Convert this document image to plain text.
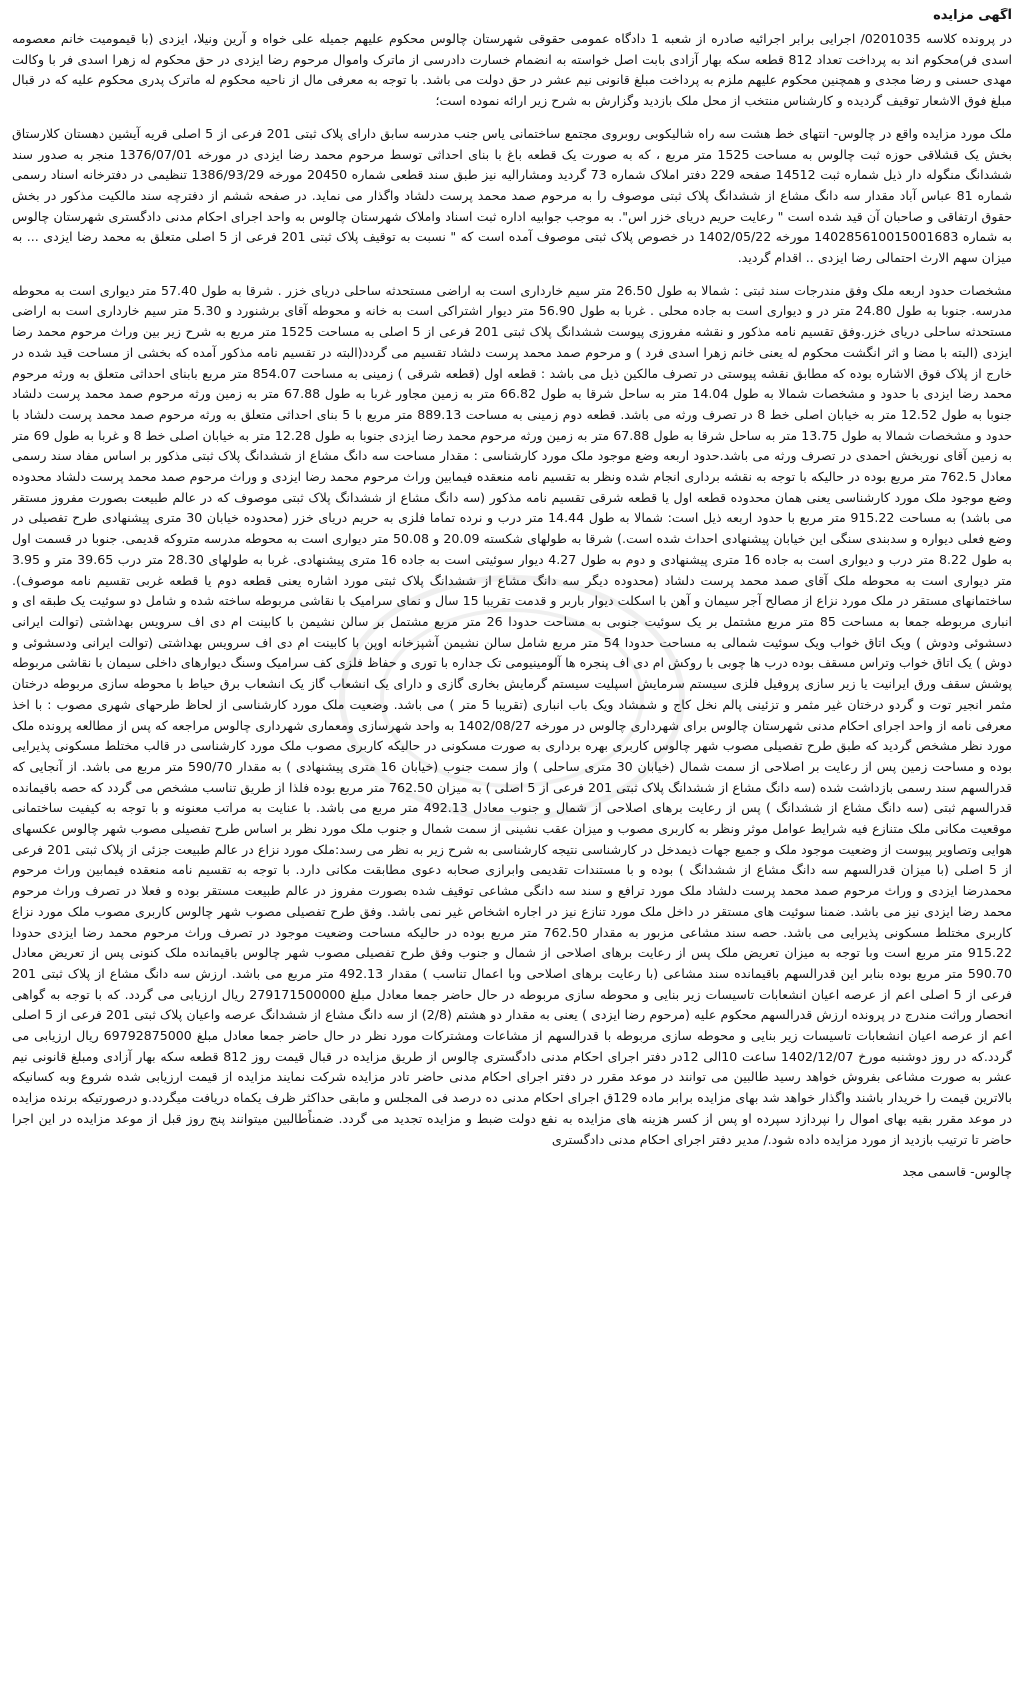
آگهی مزایده

در پرونده کلاسه 0201035/ اجرایی برابر اجرائیه صادره از شعبه 1 دادگاه عمومی حقوقی شهرستان چالوس محکوم علیهم جمیله علی خواه و آرین ونیلا، ایزدی (با قیمومیت خانم معصومه اسدی فر)محکوم اند به پرداخت تعداد 812 قطعه سکه بهار آزادی بابت اصل خواسته به انضمام خسارت دادرسی از ماترک واموال مرحوم رضا ایزدی در حق محکوم له زهرا اسدی فر با وکالت مهدی حسنی و رضا مجدی و همچنین محکوم علیهم ملزم به پرداخت مبلغ قانونی نیم عشر در حق دولت می باشد. با توجه به معرفی مال از ناحیه محکوم له ماترک پدری محکوم علیه که در قبال مبلغ فوق الاشعار توقیف گردیده و کارشناس منتخب از محل ملک بازدید وگزارش به شرح زیر ارائه نموده است؛

ملک مورد مزایده واقع در چالوس- انتهای خط هشت سه راه شالیکوبی روبروی مجتمع ساختمانی یاس جنب مدرسه سابق دارای پلاک ثبتی 201 فرعی از 5 اصلی قریه آیشین دهستان کلارستاق بخش یک قشلاقی حوزه ثبت چالوس به مساحت 1525 متر مربع ، که به صورت یک قطعه باغ با بنای احداثی توسط مرحوم محمد رضا ایزدی در مورخه 1376/07/01 منجر به صدور سند ششدانگ منگوله دار ذیل شماره ثبت 14512 صفحه 229 دفتر املاک شماره 73 گردید ومشارالیه نیز طبق سند قطعی شماره 20450 مورخه 1386/93/29 تنظیمی در دفترخانه اسناد رسمی شماره 81 عباس آباد مقدار سه دانگ مشاع از ششدانگ پلاک ثبتی موصوف را به مرحوم صمد محمد پرست دلشاد واگذار می نماید. در صفحه ششم از دفترچه سند مالکیت مذکور در بخش حقوق ارتفاقی و صاحبان آن قید شده است " رعایت حریم دریای خزر اس". به موجب جوابیه اداره ثبت اسناد واملاک شهرستان چالوس به واحد اجرای احکام مدنی دادگستری شهرستان چالوس به شماره 140285610015001683 مورخه 1402/05/22 در خصوص پلاک ثبتی موصوف آمده است که " نسبت به توقیف پلاک ثبتی 201 فرعی از 5 اصلی متعلق به محمد رضا ایزدی ... به میزان سهم الارث احتمالی رضا ایزدی .. اقدام گردید.

مشخصات حدود اربعه ملک وفق مندرجات سند ثبتی : شمالا به طول 26.50 متر سیم خارداری است به اراضی مستحدثه ساحلی دریای خزر . شرقا به طول 57.40 متر دیواری است به محوطه مدرسه. جنوبا به طول 24.80 متر در و دیواری است به جاده محلی . غربا به طول 56.90 متر دیوار اشتراکی است به خانه و محوطه آقای برشنورد و 5.30 متر سیم خارداری است به اراضی مستحدثه ساحلی دریای خزر.وفق تقسیم نامه مذکور و نقشه مفروزی پیوست ششدانگ پلاک ثبتی 201 فرعی از 5 اصلی به مساحت 1525 متر مربع به شرح زیر بین وراث مرحوم محمد رضا ایزدی (البته با مضا و اثر انگشت محکوم له یعنی خانم زهرا اسدی فرد ) و مرحوم صمد محمد پرست دلشاد تقسیم می گردد(البته در تقسیم نامه مذکور آمده که بخشی از مساحت قید شده در خارج از پلاک فوق الاشاره بوده که مطابق نقشه پیوستی در تصرف مالکین ذیل می باشد : قطعه اول (قطعه شرقی ) زمینی به مساحت 854.07 متر مربع بابنای احداثی متعلق به ورثه مرحوم محمد رضا ایزدی با حدود و مشخصات شمالا به طول 14.04 متر به ساحل شرقا به طول 66.82 متر به زمین مجاور غربا به طول 67.88 متر به زمین ورثه مرحوم صمد محمد پرست دلشاد جنوبا به طول 12.52 متر به خیابان اصلی خط 8 در تصرف ورثه می باشد. قطعه دوم زمینی به مساحت 889.13 متر مربع با 5 بنای احداثی متعلق به ورثه مرحوم صمد محمد پرست دلشاد با حدود و مشخصات شمالا به طول 13.75 متر به ساحل شرقا به طول 67.88 متر به زمین ورثه مرحوم محمد رضا ایزدی جنوبا به طول 12.28 متر به خیابان اصلی خط 8 و غربا به طول 69 متر به زمین آقای نوربخش احمدی در تصرف ورثه می باشد.حدود اربعه وضع موجود ملک مورد کارشناسی : مقدار مساحت سه دانگ مشاع از ششدانگ پلاک ثبتی مذکور بر اساس مفاد سند رسمی معادل 762.5 متر مربع بوده در حالیکه با توجه به نقشه برداری انجام شده ونظر به تقسیم نامه منعقده فیمابین وراث مرحوم محمد رضا ایزدی و وراث مرحوم صمد محمد پرست دلشاد محدوده وضع موجود ملک مورد کارشناسی یعنی همان محدوده قطعه اول یا قطعه شرقی تقسیم نامه مذکور (سه دانگ مشاع از ششدانگ پلاک ثبتی موصوف که در عالم طبیعت بصورت مفروز مستقر می باشد) به مساحت 915.22 متر مربع با حدود اربعه ذیل است: شمالا به طول 14.44 متر درب و نرده تماما فلزی به حریم دریای خزر (محدوده خیابان 30 متری پیشنهادی طرح تفصیلی در وضع فعلی دیواره و سدبندی سنگی این خیابان پیشنهادی احداث شده است.) شرقا به طولهای شکسته 20.09 و 50.08 متر دیواری است به محوطه مدرسه متروکه قدیمی. جنوبا در قسمت اول به طول 8.22 متر درب و دیواری است به جاده 16 متری پیشنهادی و دوم به طول 4.27 دیوار سوئیتی است به جاده 16 متری پیشنهادی. غربا به طولهای 28.30 متر درب 39.65 متر و 3.95 متر دیواری است به محوطه ملک آقای صمد محمد پرست دلشاد (محدوده دیگر سه دانگ مشاع از ششدانگ پلاک ثبتی مورد اشاره یعنی قطعه دوم یا قطعه غربی تقسیم نامه موصوف). ساختمانهای مستقر در ملک مورد نزاع از مصالح آجر سیمان و آهن با اسکلت دیوار باربر و قدمت تقریبا 15 سال و نمای سرامیک با نقاشی مربوطه ساخته شده و شامل دو سوئیت یک طبقه ای و انباری مربوطه جمعا به مساحت 85 متر مربع مشتمل بر یک سوئیت جنوبی به مساحت حدودا 26 متر مربع مشتمل بر سالن نشیمن با کابینت ام دی اف سرویس بهداشتی (توالت ایرانی دسشوئی ودوش ) ویک اتاق خواب ویک سوئیت شمالی به مساحت حدودا 54 متر مربع شامل سالن نشیمن آشپزخانه اوپن با کابینت ام دی اف سرویس بهداشتی (توالت ایرانی ودسشوئی و دوش ) یک اتاق خواب وتراس مسقف بوده درب ها چوبی با روکش ام دی اف پنجره ها آلومینیومی تک جداره با توری و حفاظ فلزی کف سرامیک وسنگ دیوارهای داخلی سیمان با نقاشی مربوطه پوشش سقف ورق ایرانیت یا زیر سازی پروفیل فلزی سیستم سرمایش اسپلیت سیستم گرمایش بخاری گازی و دارای یک انشعاب گاز یک انشعاب برق حیاط با محوطه سازی مربوطه درختان مثمر انجیر توت و گردو درختان غیر مثمر و تزئینی پالم نخل کاج و شمشاد ویک باب انباری (تقریبا 5 متر ) می باشد. وضعیت ملک مورد کارشناسی از لحاظ طرحهای شهری مصوب : با اخذ معرفی نامه از واحد اجرای احکام مدنی شهرستان چالوس برای شهرداری چالوس در مورخه 1402/08/27 به واحد شهرسازی ومعماری شهرداری چالوس مراجعه که پس از مطالعه پرونده ملک مورد نظر مشخص گردید که طبق طرح تفصیلی مصوب شهر چالوس کاربری بهره برداری به صورت مسکونی در حالیکه کاربری مصوب ملک مورد کارشناسی در قالب مختلط مسکونی پذیرایی بوده و مساحت زمین پس از رعایت بر اصلاحی از سمت شمال (خیابان 30 متری ساحلی ) واز سمت جنوب (خیابان 16 متری پیشنهادی ) به مقدار 590/70 متر مربع می باشد. از آنجایی که قدرالسهم سند رسمی بازداشت شده (سه دانگ مشاع از ششدانگ پلاک ثبتی 201 فرعی از 5 اصلی ) به میزان 762.50 متر مربع بوده فلذا از طریق تناسب مشخص می گردد که حصه باقیمانده قدرالسهم ثبتی (سه دانگ مشاع از ششدانگ ) پس از رعایت برهای اصلاحی از شمال و جنوب معادل 492.13 متر مربع می باشد. با عنایت به مراتب معنونه و با توجه به کیفیت ساختمانی موقعیت مکانی ملک متنازع فیه شرایط عوامل موثر ونظر به کاربری مصوب و میزان عقب نشینی از سمت شمال و جنوب ملک مورد نظر بر اساس طرح تفصیلی مصوب شهر چالوس عکسهای هوایی وتصاویر پیوست از وضعیت موجود ملک و جمیع جهات ذیمدخل در کارشناسی نتیجه کارشناسی به شرح زیر به نظر می رسد:ملک مورد نزاع در عالم طبیعت جزئی از پلاک ثبتی 201 فرعی از 5 اصلی (با میزان قدرالسهم سه دانگ مشاع از ششدانگ ) بوده و با مستندات تقدیمی وابرازی صحابه دعوی مطابقت مکانی دارد. با توجه به تقسیم نامه منعقده فیمابین وراث مرحوم محمدرضا ایزدی و وراث مرحوم صمد محمد پرست دلشاد ملک مورد ترافع و سند سه دانگی مشاعی توقیف شده بصورت مفروز در عالم طبیعت مستقر بوده و فعلا در تصرف وراث مرحوم محمد رضا ایزدی نیز می باشد. ضمنا سوئیت های مستقر در داخل ملک مورد تنازع نیز در اجاره اشخاص غیر نمی باشد. وفق طرح تفصیلی مصوب شهر چالوس کاربری مصوب ملک مورد نزاع کاربری مختلط مسکونی پذیرایی می باشد. حصه سند مشاعی مزبور به مقدار 762.50 متر مربع بوده در حالیکه مساحت وضعیت موجود در تصرف وراث مرحوم محمد رضا ایزدی حدودا 915.22 متر مربع است وبا توجه به میزان تعریض ملک پس از رعایت برهای اصلاحی از شمال و جنوب وفق طرح تفصیلی مصوب شهر چالوس باقیمانده ملک کنونی پس از تعریض معادل 590.70 متر مربع بوده بنابر این قدرالسهم باقیمانده سند مشاعی (با رعایت برهای اصلاحی وبا اعمال تناسب ) مقدار 492.13 متر مربع می باشد. ارزش سه دانگ مشاع از پلاک ثبتی 201 فرعی از 5 اصلی اعم از عرصه اعیان انشعابات تاسیسات زیر بنایی و محوطه سازی مربوطه در حال حاضر جمعا معادل مبلغ 279171500000 ریال ارزیابی می گردد. که با توجه به گواهی انحصار وراثت مندرج در پرونده ارزش قدرالسهم محکوم علیه (مرحوم رضا ایزدی ) یعنی به مقدار دو هشتم (2/8) از سه دانگ مشاع از ششدانگ عرصه واعیان پلاک ثبتی 201 فرعی از 5 اصلی اعم از عرصه اعیان انشعابات تاسیسات زیر بنایی و محوطه سازی مربوطه با قدرالسهم از مشاعات ومشترکات مورد نظر در حال حاضر جمعا معادل مبلغ 69792875000 ریال ارزیابی می گردد.که در روز دوشنبه مورخ 1402/12/07 ساعت 10الی 12در دفتر اجرای احکام مدنی دادگستری چالوس از طریق مزایده در قبال قیمت روز 812 قطعه سکه بهار آزادی ومبلغ قانونی نیم عشر به صورت مشاعی بفروش خواهد رسید طالبین می توانند در موعد مقرر در دفتر اجرای احکام مدنی حاضر تادر مزایده شرکت نمایند مزایده از قیمت ارزیابی شده شروع وبه کسانیکه بالاترین قیمت را خریدار باشند واگذار خواهد شد بهای مزایده برابر ماده 129ق اجرای احکام مدنی ده درصد فی المجلس و مابقی حداکثر ظرف یکماه دریافت میگردد.و درصورتیکه برنده مزایده در موعد مقرر بقیه بهای اموال را نپردازد سپرده او پس از کسر هزینه های مزایده به نفع دولت ضبط و مزایده تجدید می گردد. ضمناًطالبین میتوانند پنج روز قبل از موعد مزایده در این اجرا حاضر تا ترتیب بازدید از مورد مزایده داده شود./ مدیر دفتر اجرای احکام مدنی دادگستری

چالوس- قاسمی مجد
